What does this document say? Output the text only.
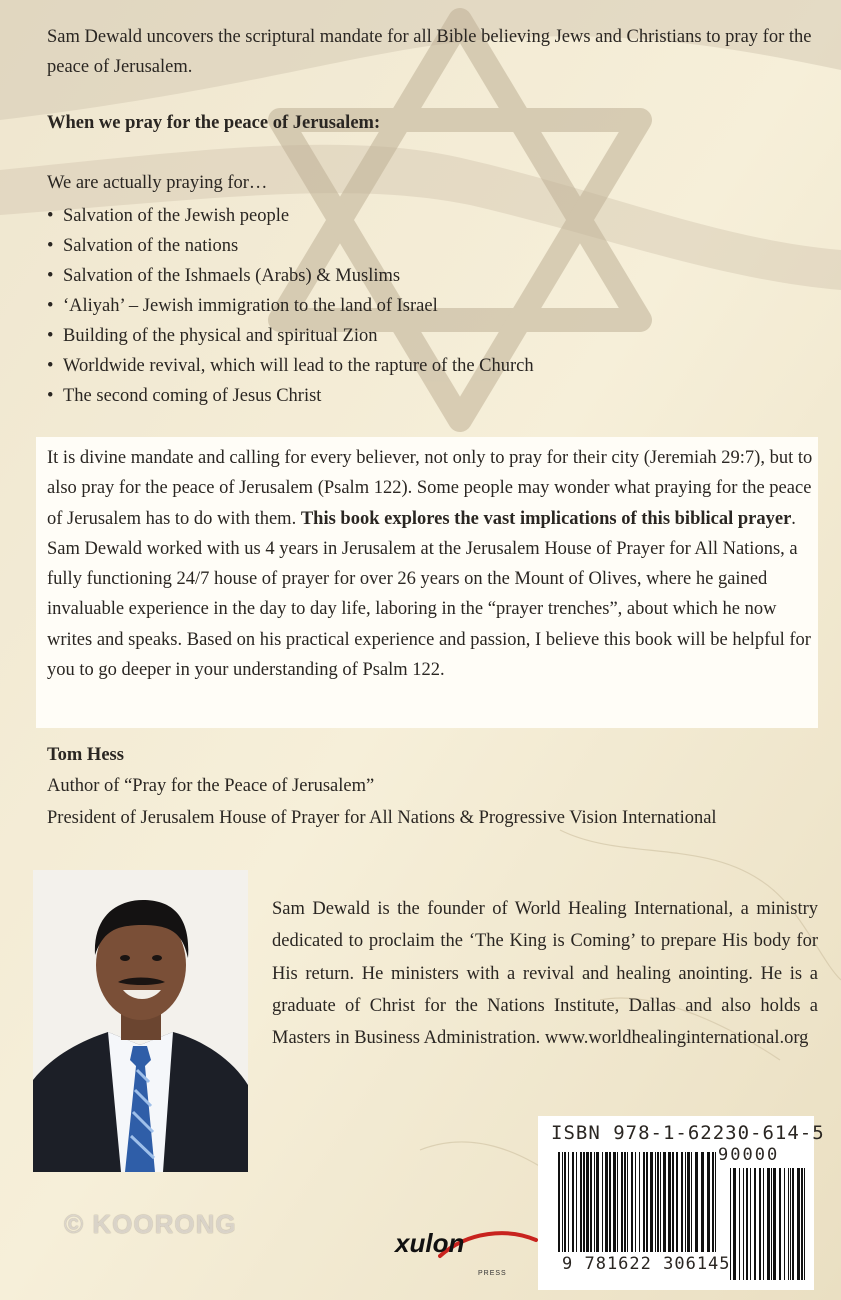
Sam Dewald uncovers the scriptural mandate for all Bible believing Jews and Christians to pray for the peace of Jerusalem.
When we pray for the peace of Jerusalem:
We are actually praying for…
• Salvation of the Jewish people
• Salvation of the nations
• Salvation of the Ishmaels (Arabs) & Muslims
• ‘Aliyah’ – Jewish immigration to the land of Israel
• Building of the physical and spiritual Zion
• Worldwide revival, which will lead to the rapture of the Church
• The second coming of Jesus Christ
It is divine mandate and calling for every believer, not only to pray for their city (Jeremiah 29:7), but to also pray for the peace of Jerusalem (Psalm 122). Some people may wonder what praying for the peace of Jerusalem has to do with them. This book explores the vast implications of this biblical prayer. Sam Dewald worked with us 4 years in Jerusalem at the Jerusalem House of Prayer for All Nations, a fully functioning 24/7 house of prayer for over 26 years on the Mount of Olives, where he gained invaluable experience in the day to day life, laboring in the “prayer trenches”, about which he now writes and speaks. Based on his practical experience and passion, I believe this book will be helpful for you to go deeper in your understanding of Psalm 122.
Tom Hess
Author of “Pray for the Peace of Jerusalem”
President of Jerusalem House of Prayer for All Nations & Progressive Vision International
Sam Dewald is the founder of World Healing International, a ministry dedicated to proclaim the ‘The King is Coming’ to prepare His body for His return. He ministers with a revival and healing anointing. He is a graduate of Christ for the Nations Institute, Dallas and also holds a Masters in Business Administration. www.worldhealinginternational.org
ISBN 978-1-62230-614-5
90000
9 781622 306145
© KOORONG
xulon
PRESS
